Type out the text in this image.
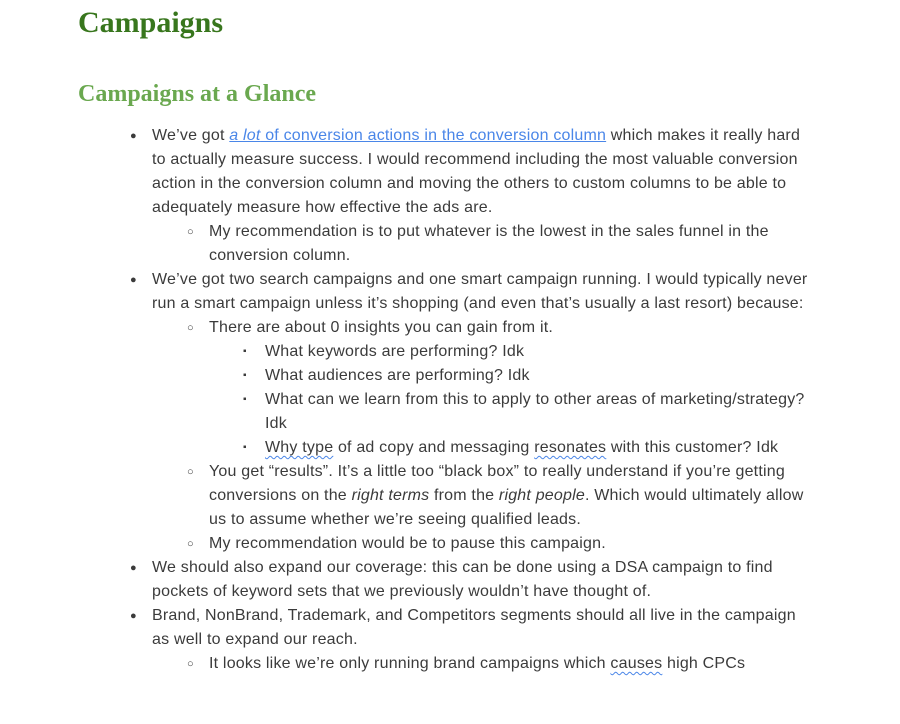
Campaigns
Campaigns at a Glance
● We’ve got a lot of conversion actions in the conversion column which makes it really hard to actually measure success. I would recommend including the most valuable conversion action in the conversion column and moving the others to custom columns to be able to adequately measure how effective the ads are.
○ My recommendation is to put whatever is the lowest in the sales funnel in the conversion column.
● We’ve got two search campaigns and one smart campaign running. I would typically never run a smart campaign unless it’s shopping (and even that’s usually a last resort) because:
○ There are about 0 insights you can gain from it.
▪	What keywords are performing? Idk
▪	What audiences are performing? Idk
▪	What can we learn from this to apply to other areas of marketing/strategy? Idk
▪	Why type of ad copy and messaging resonates with this customer? Idk
○ You get “results”. It’s a little too “black box” to really understand if you’re getting conversions on the right terms from the right people. Which would ultimately allow us to assume whether we’re seeing qualified leads.
○ My recommendation would be to pause this campaign.
● We should also expand our coverage: this can be done using a DSA campaign to find pockets of keyword sets that we previously wouldn’t have thought of.
● Brand, NonBrand, Trademark, and Competitors segments should all live in the campaign as well to expand our reach.
○ It looks like we’re only running brand campaigns which causes high CPCs
